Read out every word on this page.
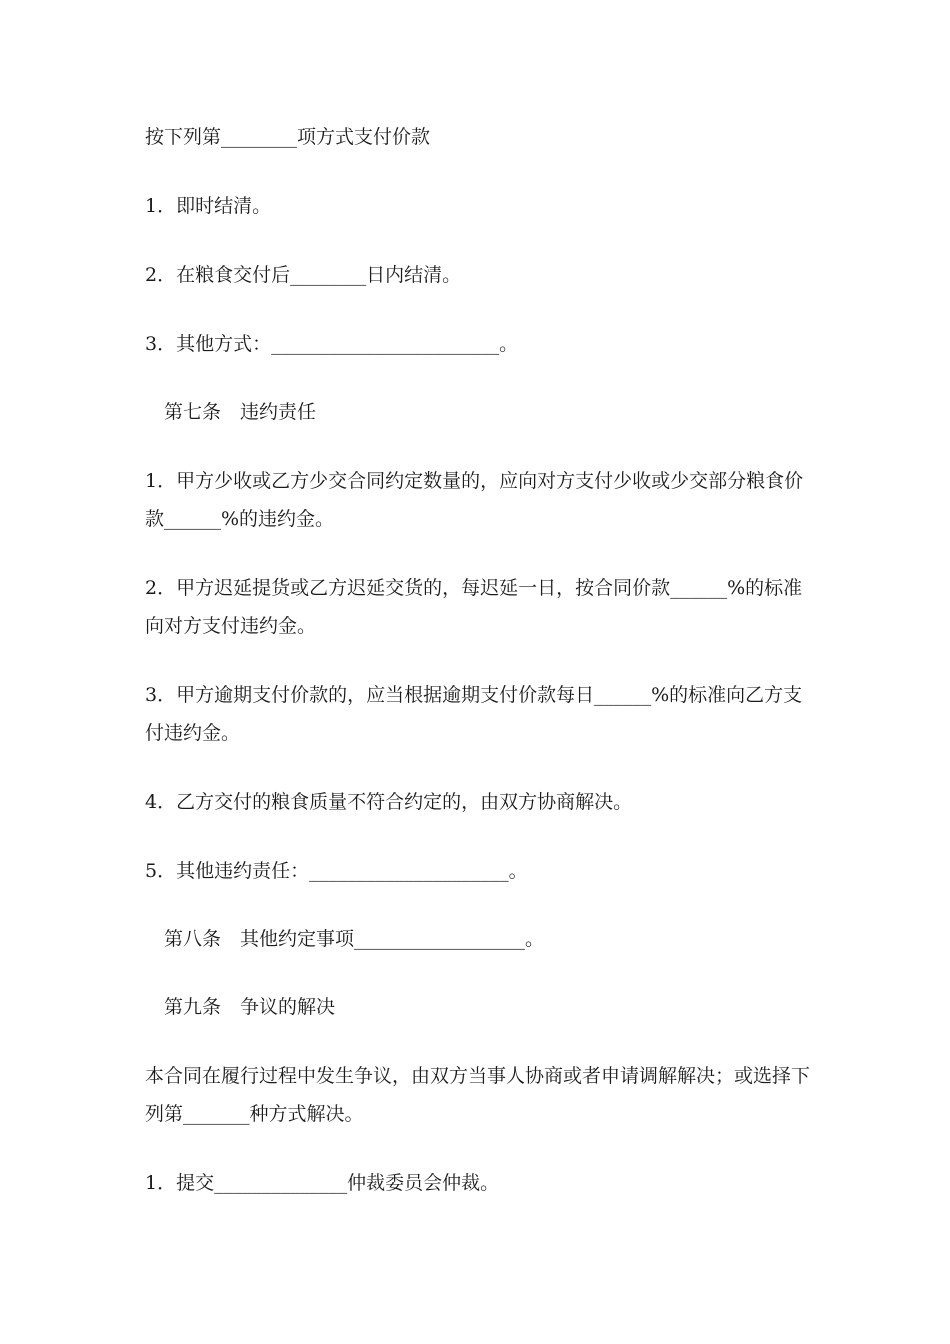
按下列第________项方式支付价款

1．即时结清。

2．在粮食交付后________日内结清。

3．其他方式：________________________。

第七条　违约责任

1．甲方少收或乙方少交合同约定数量的，应向对方支付少收或少交部分粮食价款______%的违约金。

2．甲方迟延提货或乙方迟延交货的，每迟延一日，按合同价款______%的标准向对方支付违约金。

3．甲方逾期支付价款的，应当根据逾期支付价款每日______%的标准向乙方支付违约金。

4．乙方交付的粮食质量不符合约定的，由双方协商解决。

5．其他违约责任：_____________________。

第八条　其他约定事项__________________。

第九条　争议的解决

本合同在履行过程中发生争议，由双方当事人协商或者申请调解解决；或选择下列第_______种方式解决。

1．提交______________仲裁委员会仲裁。
